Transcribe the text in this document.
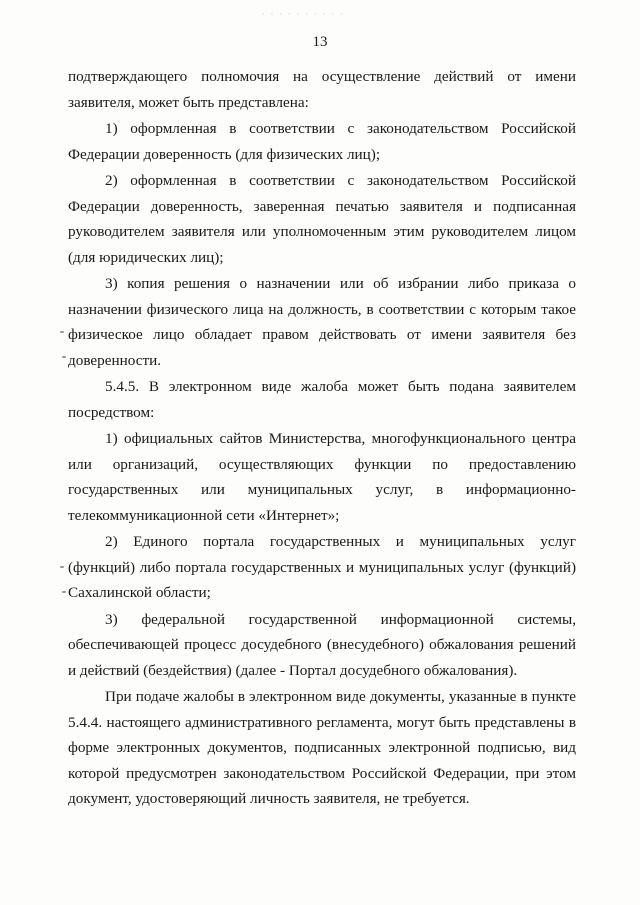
· · · · · · · · · ·
13

подтверждающего полномочия на осуществление действий от имени заявителя, может быть представлена:

1) оформленная в соответствии с законодательством Российской Федерации доверенность (для физических лиц);

2) оформленная в соответствии с законодательством Российской Федерации доверенность, заверенная печатью заявителя и подписанная руководителем заявителя или уполномоченным этим руководителем лицом (для юридических лиц);

3) копия решения о назначении или об избрании либо приказа о назначении физического лица на должность, в соответствии с которым такое физическое лицо обладает правом действовать от имени заявителя без доверенности.

5.4.5. В электронном виде жалоба может быть подана заявителем посредством:

1) официальных сайтов Министерства, многофункционального центра или организаций, осуществляющих функции по предоставлению государственных или муниципальных услуг, в информационно-телекоммуникационной сети «Интернет»;

2) Единого портала государственных и муниципальных услуг (функций) либо портала государственных и муниципальных услуг (функций) Сахалинской области;

3) федеральной государственной информационной системы, обеспечивающей процесс досудебного (внесудебного) обжалования решений и действий (бездействия) (далее - Портал досудебного обжалования).

При подаче жалобы в электронном виде документы, указанные в пункте 5.4.4. настоящего административного регламента, могут быть представлены в форме электронных документов, подписанных электронной подписью, вид которой предусмотрен законодательством Российской Федерации, при этом документ, удостоверяющий личность заявителя, не требуется.
